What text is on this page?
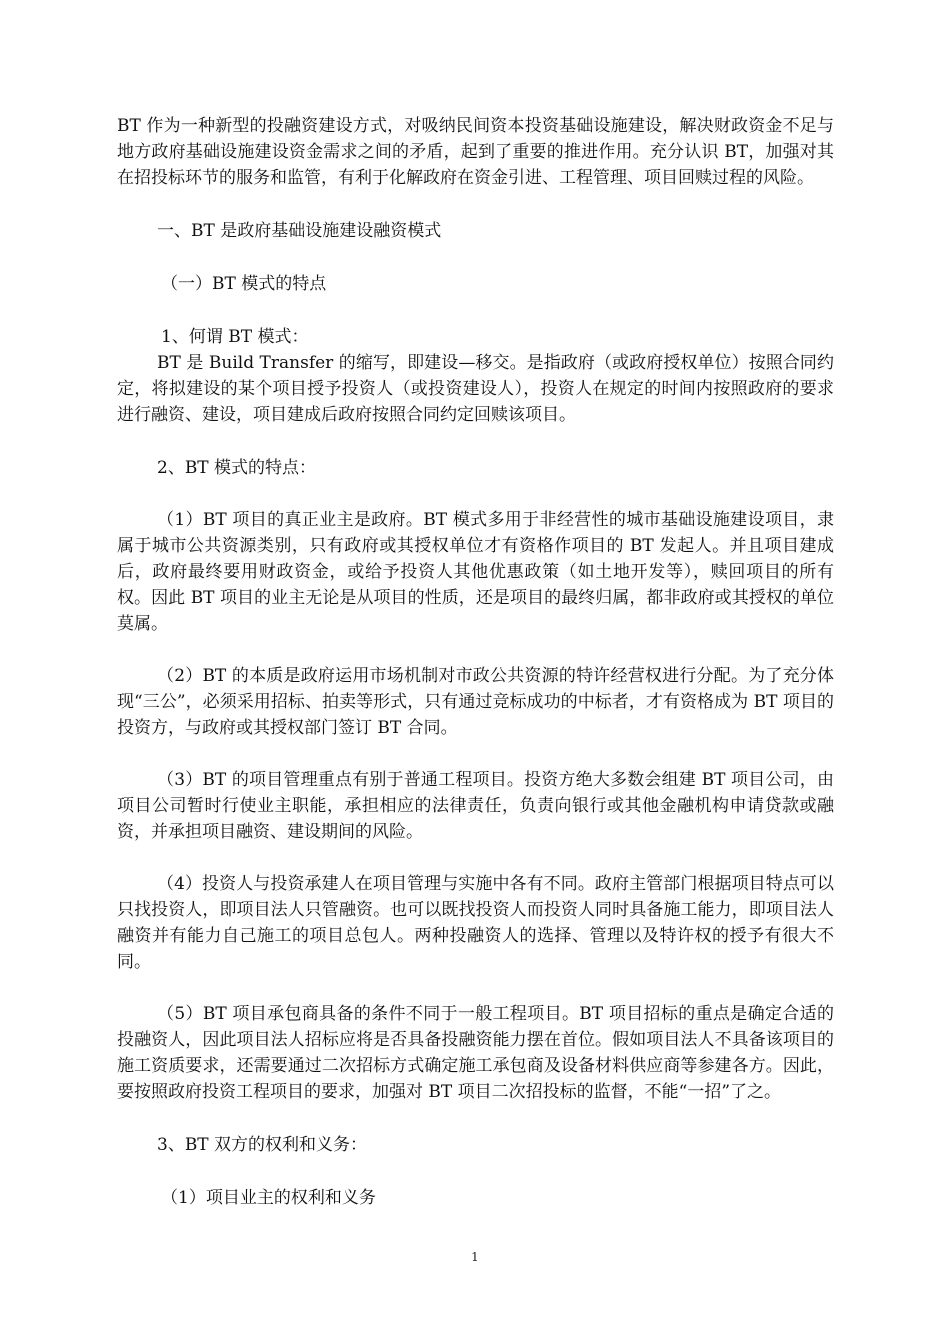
BT 作为一种新型的投融资建设方式，对吸纳民间资本投资基础设施建设，解决财政资金不足与地方政府基础设施建设资金需求之间的矛盾，起到了重要的推进作用。充分认识 BT，加强对其在招投标环节的服务和监管，有利于化解政府在资金引进、工程管理、项目回赎过程的风险。

一、BT 是政府基础设施建设融资模式

（一）BT 模式的特点

1、何谓 BT 模式：

BT 是 Build Transfer 的缩写，即建设—移交。是指政府（或政府授权单位）按照合同约定，将拟建设的某个项目授予投资人（或投资建设人），投资人在规定的时间内按照政府的要求进行融资、建设，项目建成后政府按照合同约定回赎该项目。

2、BT 模式的特点：

（1）BT 项目的真正业主是政府。BT 模式多用于非经营性的城市基础设施建设项目，隶属于城市公共资源类别，只有政府或其授权单位才有资格作项目的 BT 发起人。并且项目建成后，政府最终要用财政资金，或给予投资人其他优惠政策（如土地开发等），赎回项目的所有权。因此 BT 项目的业主无论是从项目的性质，还是项目的最终归属，都非政府或其授权的单位莫属。

（2）BT 的本质是政府运用市场机制对市政公共资源的特许经营权进行分配。为了充分体现“三公”，必须采用招标、拍卖等形式，只有通过竞标成功的中标者，才有资格成为 BT 项目的投资方，与政府或其授权部门签订 BT 合同。

（3）BT 的项目管理重点有别于普通工程项目。投资方绝大多数会组建 BT 项目公司，由项目公司暂时行使业主职能，承担相应的法律责任，负责向银行或其他金融机构申请贷款或融资，并承担项目融资、建设期间的风险。

（4）投资人与投资承建人在项目管理与实施中各有不同。政府主管部门根据项目特点可以只找投资人，即项目法人只管融资。也可以既找投资人而投资人同时具备施工能力，即项目法人融资并有能力自己施工的项目总包人。两种投融资人的选择、管理以及特许权的授予有很大不同。

（5）BT 项目承包商具备的条件不同于一般工程项目。BT 项目招标的重点是确定合适的投融资人，因此项目法人招标应将是否具备投融资能力摆在首位。假如项目法人不具备该项目的施工资质要求，还需要通过二次招标方式确定施工承包商及设备材料供应商等参建各方。因此，要按照政府投资工程项目的要求，加强对 BT 项目二次招投标的监督，不能“一招”了之。

3、BT 双方的权利和义务：

（1）项目业主的权利和义务

1
